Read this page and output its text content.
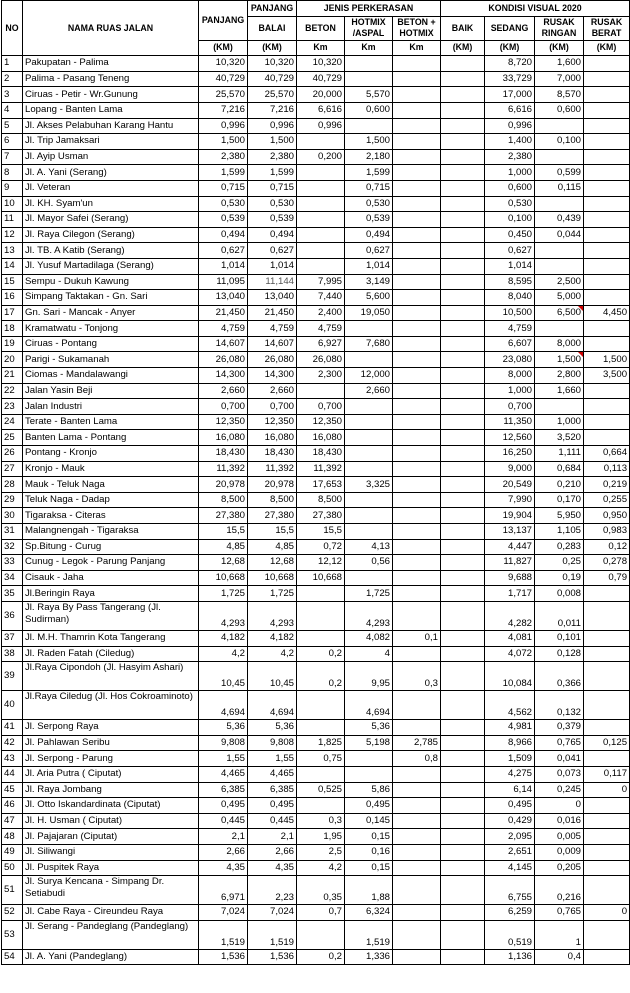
NO	NAMA RUAS JALAN	PANJANG	PANJANG	JENIS PERKERASAN			KONDISI VISUAL 2020			
			BALAI	BETON	HOTMIX /ASPAL	BETON + HOTMIX	BAIK	SEDANG	RUSAK RINGAN	RUSAK BERAT
		(KM)	(KM)	Km	Km	Km	(KM)	(KM)	(KM)	(KM)
1	Pakupatan - Palima	10,320	10,320	10,320				8,720	1,600	
2	Palima - Pasang Teneng	40,729	40,729	40,729				33,729	7,000	
3	Ciruas - Petir - Wr.Gunung	25,570	25,570	20,000	5,570			17,000	8,570	
4	Lopang - Banten Lama	7,216	7,216	6,616	0,600			6,616	0,600	
5	Jl. Akses Pelabuhan Karang Hantu	0,996	0,996	0,996				0,996		
6	Jl. Trip Jamaksari	1,500	1,500		1,500			1,400	0,100	
7	Jl. Ayip Usman	2,380	2,380	0,200	2,180			2,380		
8	Jl. A. Yani (Serang)	1,599	1,599		1,599			1,000	0,599	
9	Jl. Veteran	0,715	0,715		0,715			0,600	0,115	
10	Jl. KH. Syam'un	0,530	0,530		0,530			0,530		
11	Jl. Mayor Safei (Serang)	0,539	0,539		0,539			0,100	0,439	
12	Jl. Raya Cilegon (Serang)	0,494	0,494		0,494			0,450	0,044	
13	Jl. TB. A Katib (Serang)	0,627	0,627		0,627			0,627		
14	Jl. Yusuf Martadilaga (Serang)	1,014	1,014		1,014			1,014		
15	Sempu - Dukuh Kawung	11,095	11,144	7,995	3,149			8,595	2,500	
16	Simpang Taktakan - Gn. Sari	13,040	13,040	7,440	5,600			8,040	5,000	
17	Gn. Sari - Mancak - Anyer	21,450	21,450	2,400	19,050			10,500	6,500	4,450
18	Kramatwatu - Tonjong	4,759	4,759	4,759				4,759		
19	Ciruas - Pontang	14,607	14,607	6,927	7,680			6,607	8,000	
20	Parigi - Sukamanah	26,080	26,080	26,080				23,080	1,500	1,500
21	Ciomas - Mandalawangi	14,300	14,300	2,300	12,000			8,000	2,800	3,500
22	Jalan Yasin Beji	2,660	2,660		2,660			1,000	1,660	
23	Jalan Industri	0,700	0,700	0,700				0,700		
24	Terate - Banten Lama	12,350	12,350	12,350				11,350	1,000	
25	Banten Lama - Pontang	16,080	16,080	16,080				12,560	3,520	
26	Pontang - Kronjo	18,430	18,430	18,430				16,250	1,111	0,664
27	Kronjo - Mauk	11,392	11,392	11,392				9,000	0,684	0,113
28	Mauk - Teluk Naga	20,978	20,978	17,653	3,325			20,549	0,210	0,219
29	Teluk Naga - Dadap	8,500	8,500	8,500				7,990	0,170	0,255
30	Tigaraksa - Citeras	27,380	27,380	27,380				19,904	5,950	0,950
31	Malangnengah - Tigaraksa	15,5	15,5	15,5				13,137	1,105	0,983
32	Sp.Bitung - Curug	4,85	4,85	0,72	4,13			4,447	0,283	0,12
33	Cunug - Legok - Parung Panjang	12,68	12,68	12,12	0,56			11,827	0,25	0,278
34	Cisauk - Jaha	10,668	10,668	10,668				9,688	0,19	0,79
35	Jl.Beringin Raya	1,725	1,725		1,725			1,717	0,008	
36	Jl. Raya By Pass Tangerang (Jl. Sudirman)	4,293	4,293		4,293			4,282	0,011	
37	Jl. M.H. Thamrin Kota Tangerang	4,182	4,182		4,082	0,1		4,081	0,101	
38	Jl. Raden Fatah (Ciledug)	4,2	4,2	0,2	4			4,072	0,128	
39	Jl.Raya Cipondoh (Jl. Hasyim Ashari)	10,45	10,45	0,2	9,95	0,3		10,084	0,366	
40	Jl.Raya Ciledug (Jl. Hos Cokroaminoto)	4,694	4,694		4,694			4,562	0,132	
41	Jl. Serpong Raya	5,36	5,36		5,36			4,981	0,379	
42	Jl. Pahlawan Seribu	9,808	9,808	1,825	5,198	2,785		8,966	0,765	0,125
43	Jl. Serpong - Parung	1,55	1,55	0,75		0,8		1,509	0,041	
44	Jl. Aria Putra ( Ciputat)	4,465	4,465					4,275	0,073	0,117
45	Jl. Raya Jombang	6,385	6,385	0,525	5,86			6,14	0,245	0
46	Jl. Otto Iskandardinata (Ciputat)	0,495	0,495		0,495			0,495	0	
47	Jl. H. Usman ( Ciputat)	0,445	0,445	0,3	0,145			0,429	0,016	
48	Jl. Pajajaran (Ciputat)	2,1	2,1	1,95	0,15			2,095	0,005	
49	Jl. Siliwangi	2,66	2,66	2,5	0,16			2,651	0,009	
50	Jl. Puspitek Raya	4,35	4,35	4,2	0,15			4,145	0,205	
51	Jl. Surya Kencana - Simpang Dr. Setiabudi	6,971	2,23	0,35	1,88			6,755	0,216	
52	Jl. Cabe Raya - Cireundeu Raya	7,024	7,024	0,7	6,324			6,259	0,765	0
53	Jl. Serang - Pandeglang (Pandeglang)	1,519	1,519		1,519			0,519	1	
54	Jl. A. Yani (Pandeglang)	1,536	1,536	0,2	1,336			1,136	0,4	
